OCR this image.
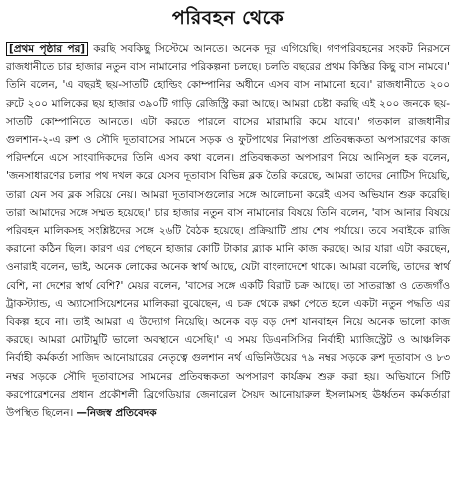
পরিবহন থেকে
[প্রথম পৃষ্ঠার পর] করছি সবকিছু সিস্টেমে আনতে। অনেক দূর এগিয়েছি। গণপরিবহনের সংকট নিরসনে রাজধানীতে চার হাজার নতুন বাস নামানোর পরিকল্পনা চলছে। চলতি বছরের প্রথম কিস্তির কিছু বাস নামবে।' তিনি বলেন, 'এ বছরই ছয়-সাতটি হোল্ডিং কোম্পানির অধীনে এসব বাস নামানো হবে।' রাজধানীতে ২০০ রুটে ২০০ মালিকের ছয় হাজার ৩৯০টি গাড়ি রেজিস্ট্রি করা আছে। আমরা চেষ্টা করছি এই ২০০ জনকে ছয়-সাতটি কোম্পানিতে আনতে। এটা করতে পারলে বাসের মারামারি কমে যাবে।' গতকাল রাজধানীর গুলশান-২-এ রুশ ও সৌদি দূতাবাসের সামনে সড়ক ও ফুটপাথের নিরাপত্তা প্রতিবন্ধকতা অপসারণের কাজ পরিদর্শনে এসে সাংবাদিকদের তিনি এসব কথা বলেন। প্রতিবন্ধকতা অপসারণ নিয়ে আনিসুল হক বলেন, 'জনসাধারণের চলার পথ দখল করে যেসব দূতাবাস বিভিন্ন ব্লক তৈরি করেছে, আমরা তাদের নোটিস দিয়েছি, তারা যেন সব ব্লক সরিয়ে নেয়। আমরা দূতাবাসগুলোর সঙ্গে আলোচনা করেই এসব অভিযান শুরু করেছি। তারা আমাদের সঙ্গে সম্মত হয়েছে।' চার হাজার নতুন বাস নামানোর বিষয়ে তিনি বলেন, 'বাস আনার বিষয়ে পরিবহন মালিকসহ সংশ্লিষ্টদের সঙ্গে ২৬টি বৈঠক হয়েছে। প্রক্রিয়াটি প্রায় শেষ পর্যায়ে। তবে সবাইকে রাজি করানো কঠিন ছিল। কারণ এর পেছনে হাজার কোটি টাকার ব্ল্যাক মানি কাজ করছে। আর যারা এটা করছেন, ওনারাই বলেন, ভাই, অনেক লোকের অনেক স্বার্থ আছে, যেটা বাংলাদেশে থাকে। আমরা বলেছি, তাদের স্বার্থ বেশি, না দেশের স্বার্থ বেশি?' মেয়র বলেন, 'বাসের সঙ্গে একটি বিরাট চক্র আছে। তা সাতরাস্তা ও তেজগাঁও ট্রাকস্ট্যান্ড, এ অ্যাসোসিয়েশনের মালিকরা বুঝেছেন, এ চক্র থেকে রক্ষা পেতে হলে একটা নতুন পদ্ধতি এর বিকল্প হবে না। তাই আমরা এ উদ্যোগ নিয়েছি। অনেক বড় বড় দেশ যানবাহন নিয়ে অনেক ভালো কাজ করছে। আমরা মোটামুটি ভালো অবস্থানে এসেছি।' এ সময় ডিএনসিসির নির্বাহী ম্যাজিস্ট্রেট ও আঞ্চলিক নির্বাহী কর্মকর্তা সাজিদ আনোয়ারের নেতৃত্বে গুলশান নর্থ এভিনিউয়ের ৭৯ নম্বর সড়কে রুশ দূতাবাস ও ৮৩ নম্বর সড়কে সৌদি দূতাবাসের সামনের প্রতিবন্ধকতা অপসারণ কার্যক্রম শুরু করা হয়। অভিযানে সিটি করপোরেশনের প্রধান প্রকৌশলী ব্রিগেডিয়ার জেনারেল সৈয়দ আনোয়ারুল ইসলামসহ ঊর্ধ্বতন কর্মকর্তারা উপস্থিত ছিলেন। —নিজস্ব প্রতিবেদক
